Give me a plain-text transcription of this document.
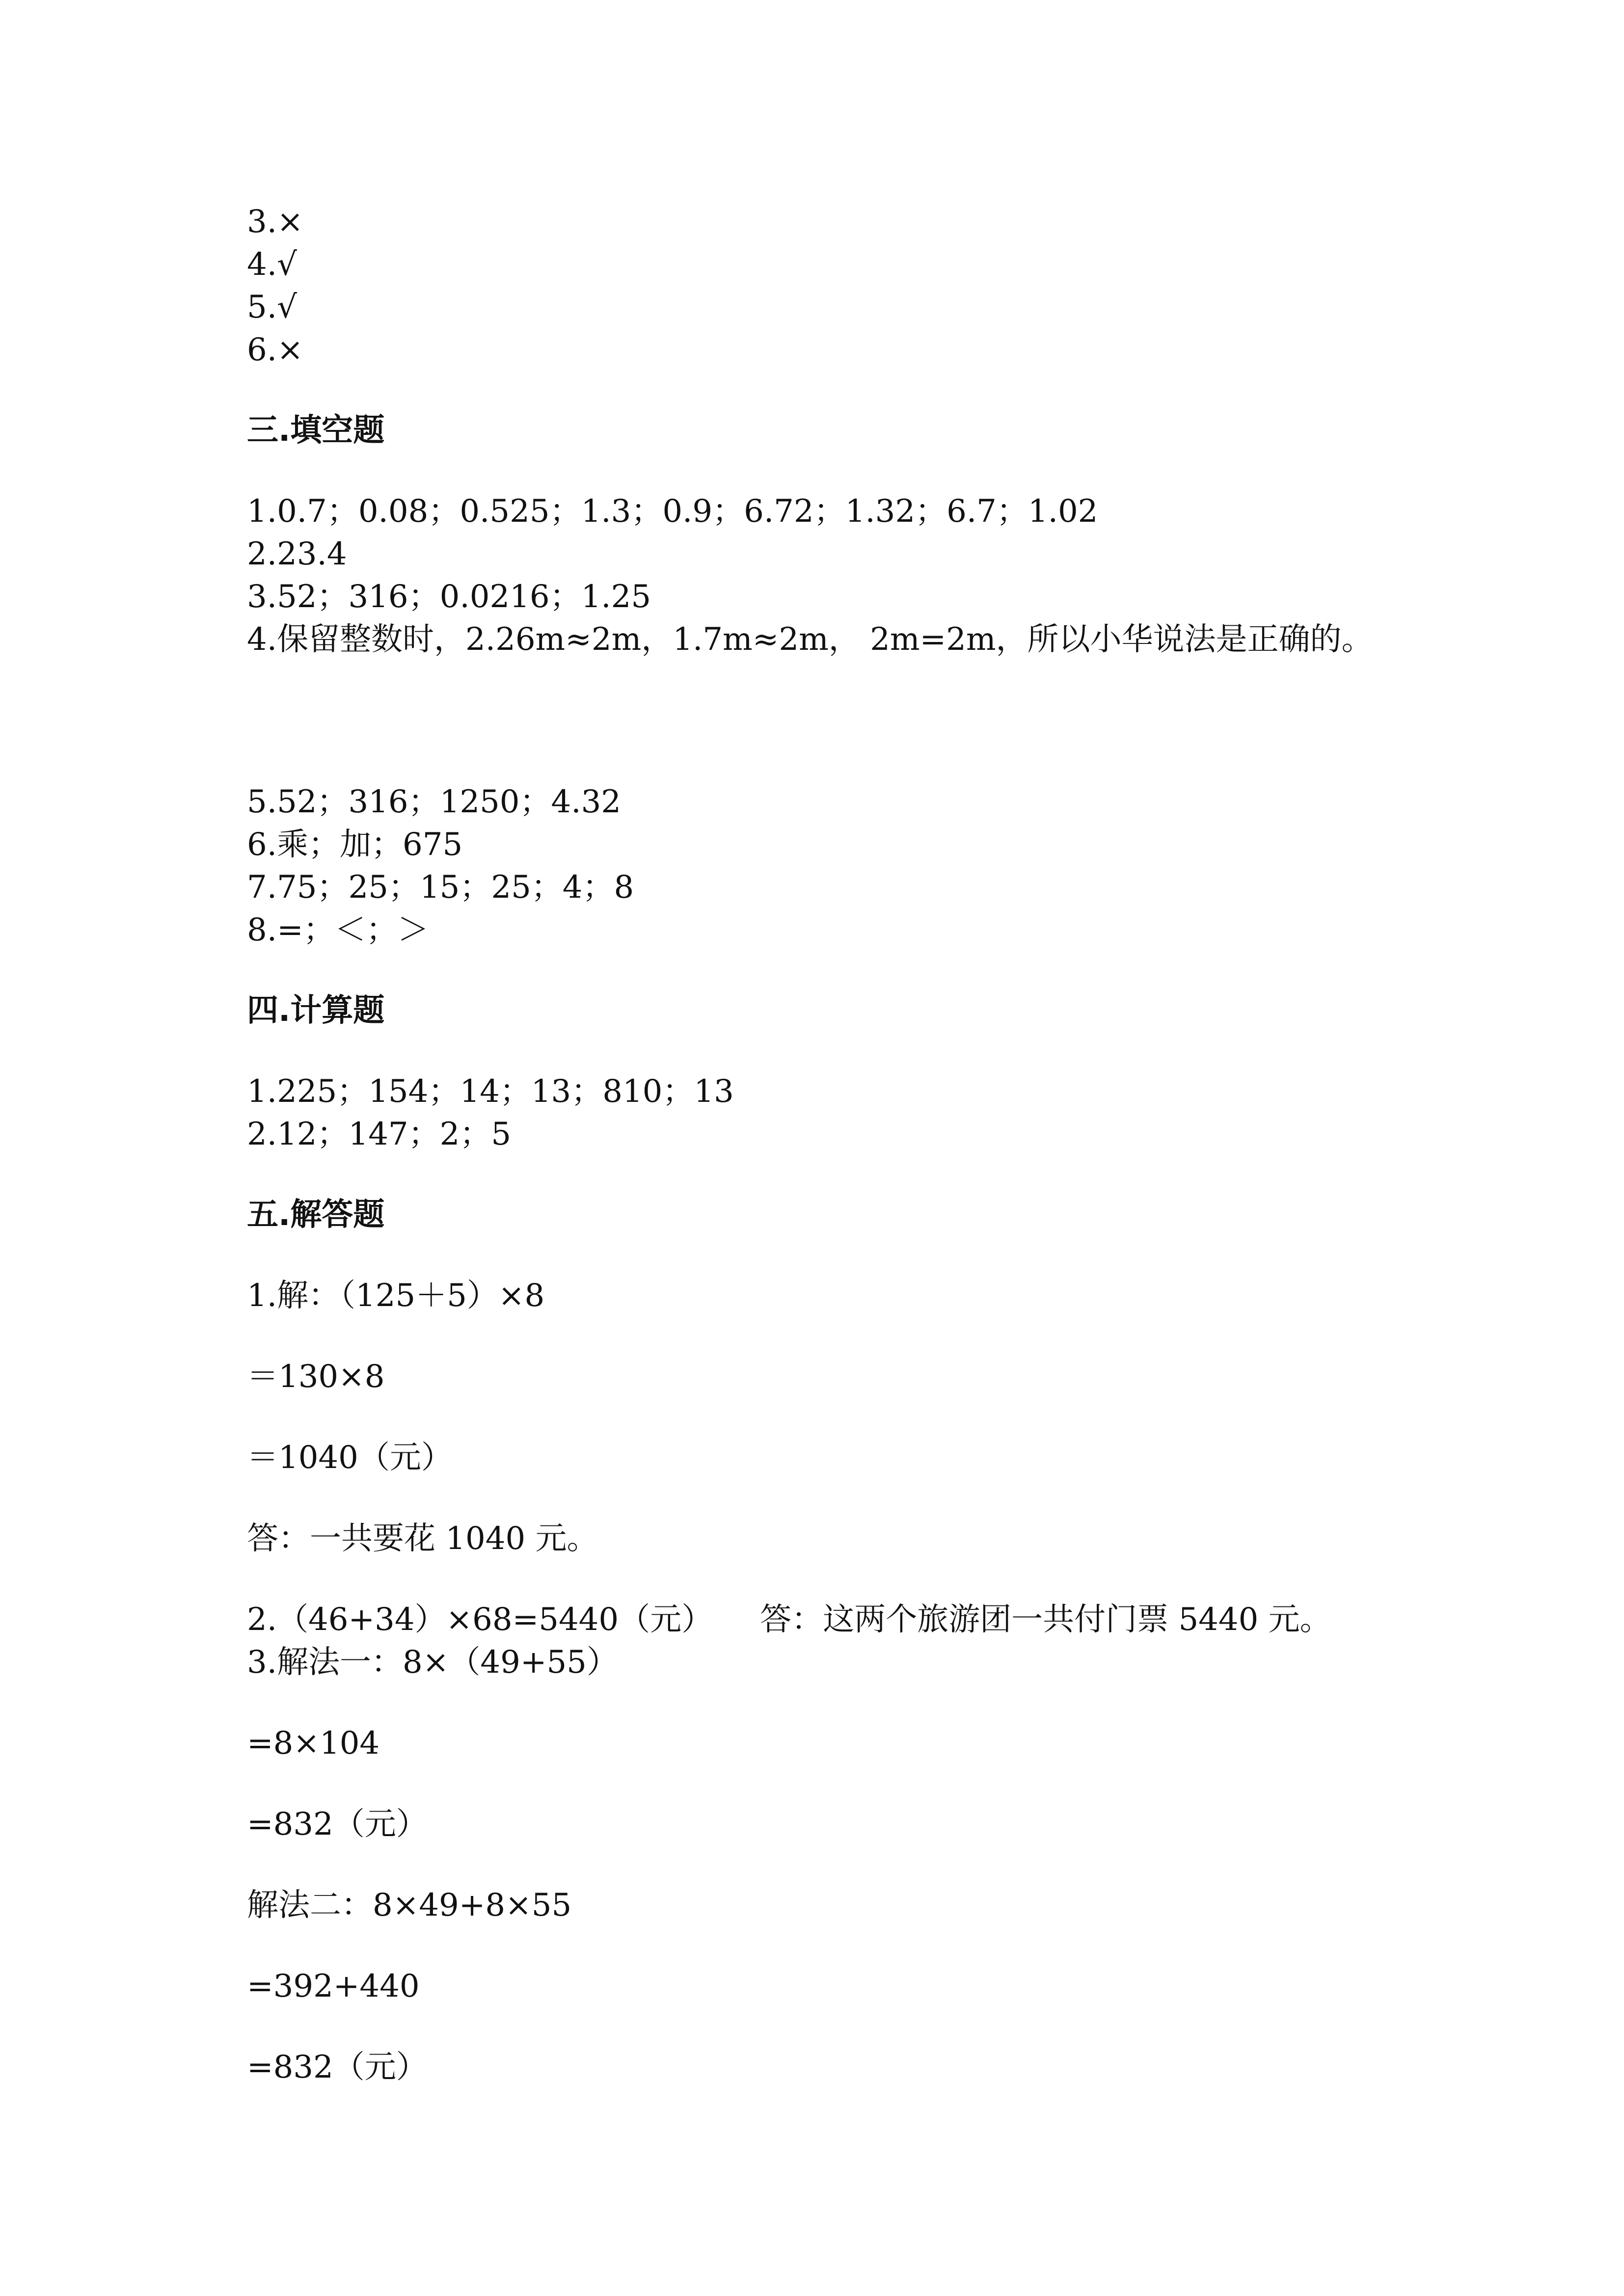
3.×
4.√
5.√
6.×
三.填空题
1.0.7；0.08；0.525；1.3；0.9；6.72；1.32；6.7；1.02
2.23.4
3.52；316；0.0216；1.25
4.保留整数时，2.26m≈2m，1.7m≈2m， 2m=2m，所以小华说法是正确的。
5.52；316；1250；4.32
6.乘；加；675
7.75；25；15；25；4；8
8.=；＜；＞
四.计算题
1.225；154；14；13；810；13
2.12；147；2；5
五.解答题
1.解：（125＋5）×8
＝130×8
＝1040（元）
答：一共要花 1040 元。
2.（46+34）×68=5440（元）　　答：这两个旅游团一共付门票 5440 元。
3.解法一：8×（49+55）
=8×104
=832（元）
解法二：8×49+8×55
=392+440
=832（元）
